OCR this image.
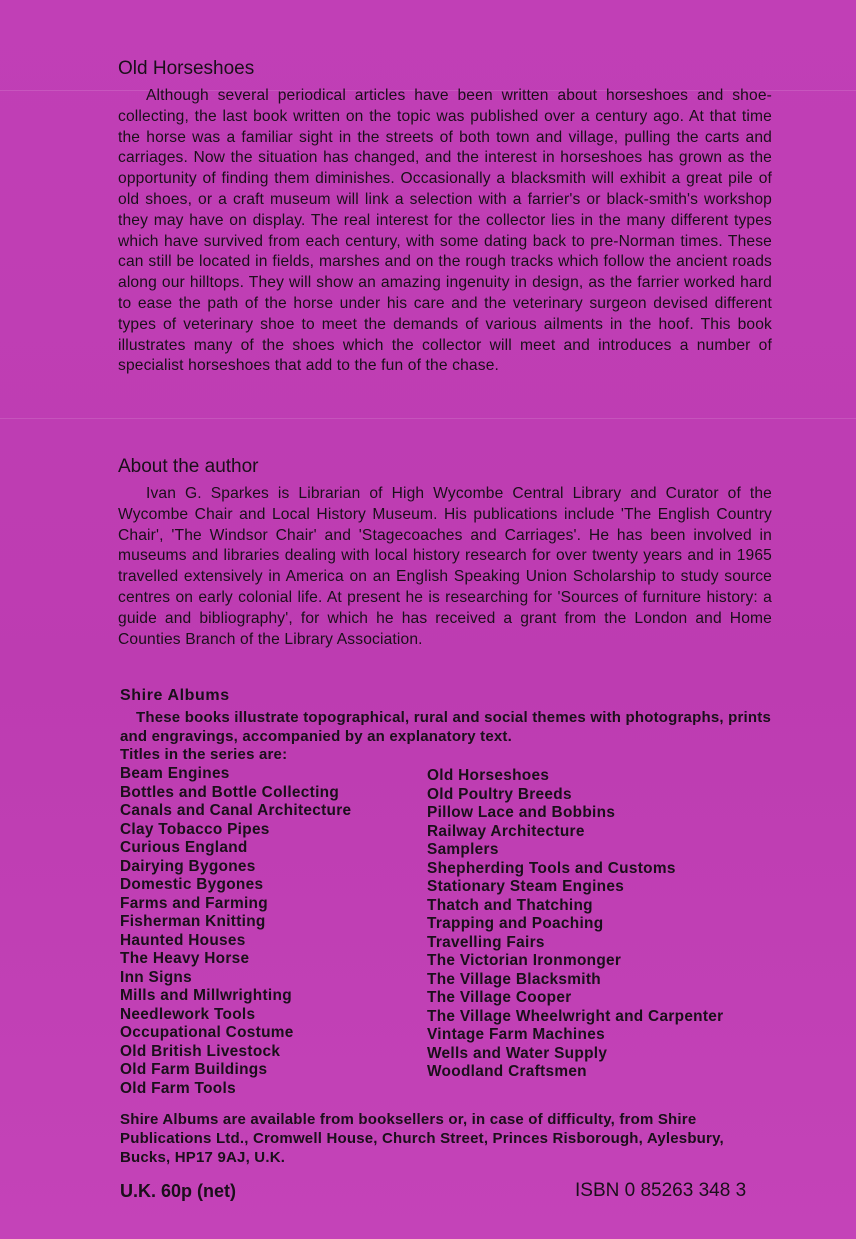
Old Horseshoes

Although several periodical articles have been written about horseshoes and shoe-collecting, the last book written on the topic was published over a century ago. At that time the horse was a familiar sight in the streets of both town and village, pulling the carts and carriages. Now the situation has changed, and the interest in horseshoes has grown as the opportunity of finding them diminishes. Occasionally a blacksmith will exhibit a great pile of old shoes, or a craft museum will link a selection with a farrier's or black-smith's workshop they may have on display. The real interest for the collector lies in the many different types which have survived from each century, with some dating back to pre-Norman times. These can still be located in fields, marshes and on the rough tracks which follow the ancient roads along our hilltops. They will show an amazing ingenuity in design, as the farrier worked hard to ease the path of the horse under his care and the veterinary surgeon devised different types of veterinary shoe to meet the demands of various ailments in the hoof. This book illustrates many of the shoes which the collector will meet and introduces a number of specialist horseshoes that add to the fun of the chase.

About the author

Ivan G. Sparkes is Librarian of High Wycombe Central Library and Curator of the Wycombe Chair and Local History Museum. His publications include 'The English Country Chair', 'The Windsor Chair' and 'Stagecoaches and Carriages'. He has been involved in museums and libraries dealing with local history research for over twenty years and in 1965 travelled extensively in America on an English Speaking Union Scholarship to study source centres on early colonial life. At present he is researching for 'Sources of furniture history: a guide and bibliography', for which he has received a grant from the London and Home Counties Branch of the Library Association.

Shire Albums

These books illustrate topographical, rural and social themes with photographs, prints and engravings, accompanied by an explanatory text.

Titles in the series are:

Beam Engines
Bottles and Bottle Collecting
Canals and Canal Architecture
Clay Tobacco Pipes
Curious England
Dairying Bygones
Domestic Bygones
Farms and Farming
Fisherman Knitting
Haunted Houses
The Heavy Horse
Inn Signs
Mills and Millwrighting
Needlework Tools
Occupational Costume
Old British Livestock
Old Farm Buildings
Old Farm Tools
Old Horseshoes
Old Poultry Breeds
Pillow Lace and Bobbins
Railway Architecture
Samplers
Shepherding Tools and Customs
Stationary Steam Engines
Thatch and Thatching
Trapping and Poaching
Travelling Fairs
The Victorian Ironmonger
The Village Blacksmith
The Village Cooper
The Village Wheelwright and Carpenter
Vintage Farm Machines
Wells and Water Supply
Woodland Craftsmen

Shire Albums are available from booksellers or, in case of difficulty, from Shire Publications Ltd., Cromwell House, Church Street, Princes Risborough, Aylesbury, Bucks, HP17 9AJ, U.K.

U.K. 60p (net)	ISBN 0 85263 348 3
